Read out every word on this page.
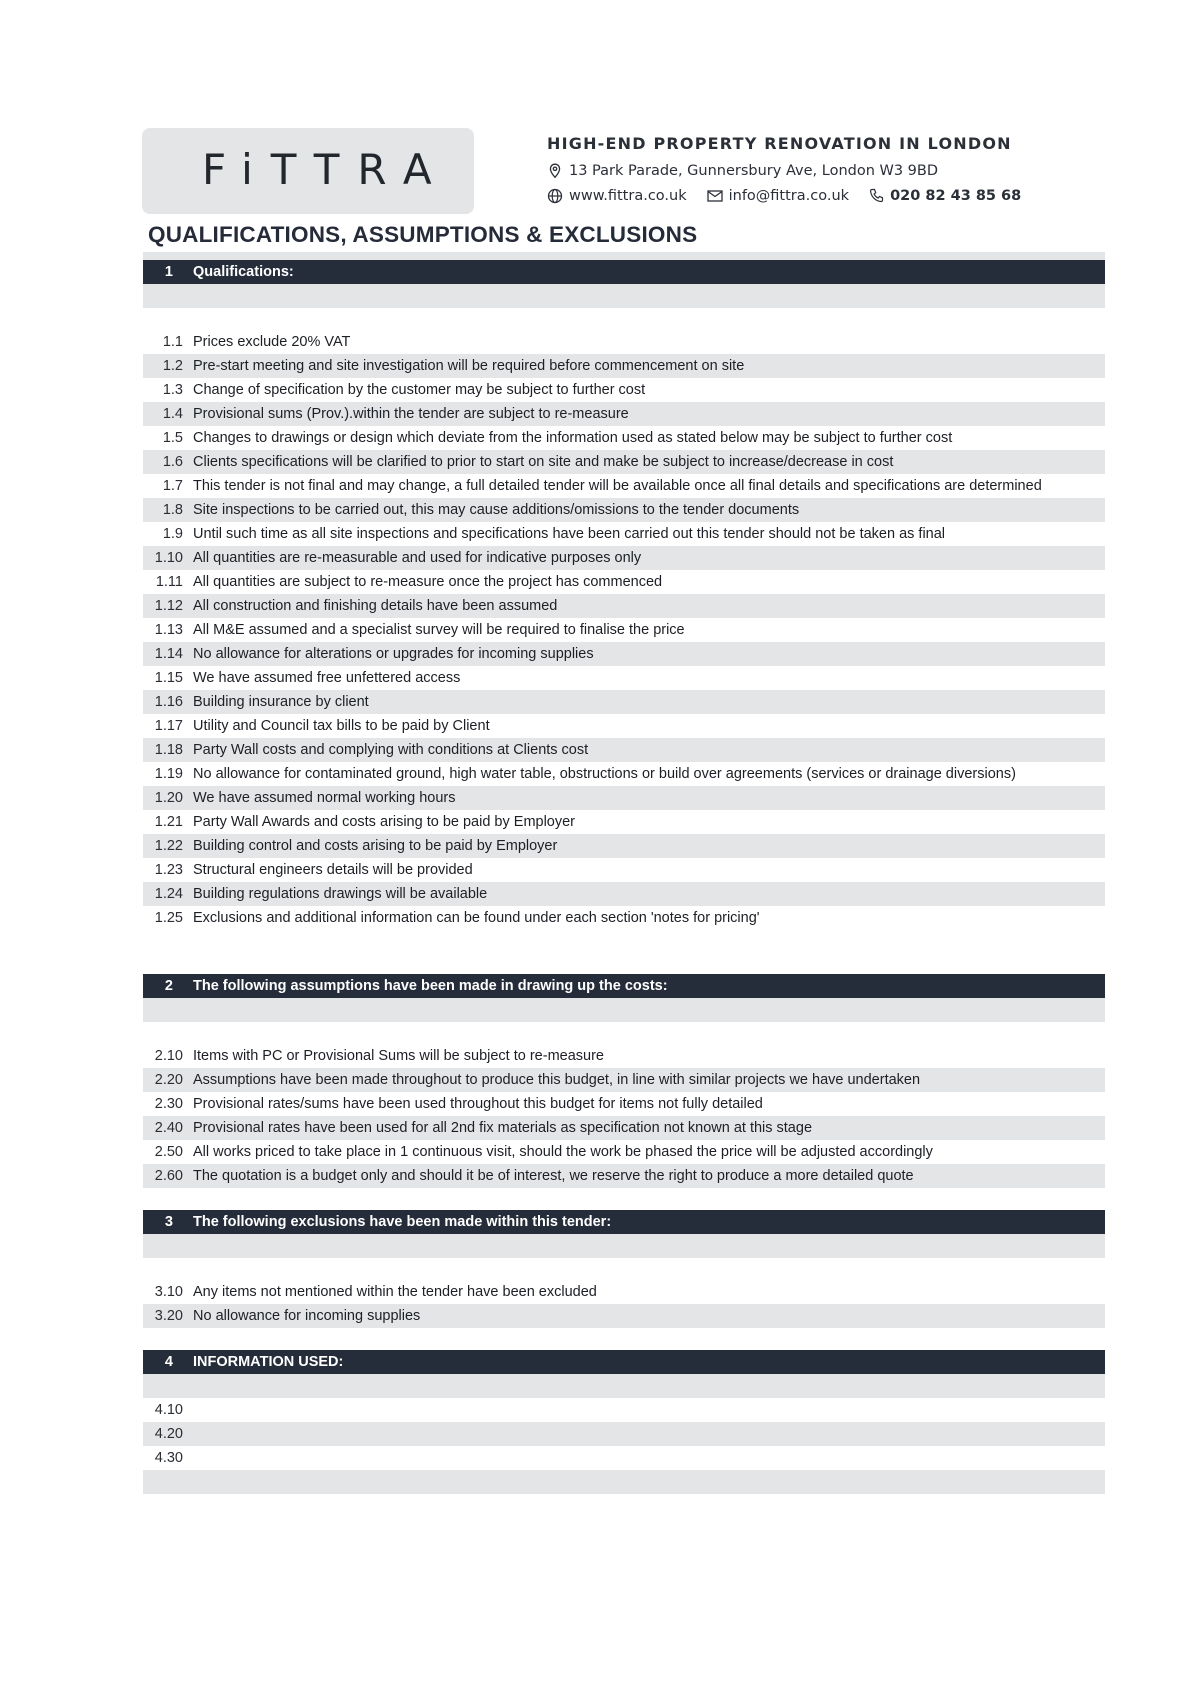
FiTTRA
HIGH-END PROPERTY RENOVATION IN LONDON
13 Park Parade, Gunnersbury Ave, London W3 9BD
www.fittra.co.uk	info@fittra.co.uk	020 82 43 85 68
QUALIFICATIONS, ASSUMPTIONS & EXCLUSIONS
1 Qualifications:
1.1 Prices exclude 20% VAT
1.2 Pre-start meeting and site investigation will be required before commencement on site
1.3 Change of specification by the customer may be subject to further cost
1.4 Provisional sums (Prov.).within the tender are subject to re-measure
1.5 Changes to drawings or design which deviate from the information used as stated below may be subject to further cost
1.6 Clients specifications will be clarified to prior to start on site and make be subject to increase/decrease in cost
1.7 This tender is not final and may change, a full detailed tender will be available once all final details and specifications are determined
1.8 Site inspections to be carried out, this may cause additions/omissions to the tender documents
1.9 Until such time as all site inspections and specifications have been carried out this tender should not be taken as final
1.10 All quantities are re-measurable and used for indicative purposes only
1.11 All quantities are subject to re-measure once the project has commenced
1.12 All construction and finishing details have been assumed
1.13 All M&E assumed and a specialist survey will be required to finalise the price
1.14 No allowance for alterations or upgrades for incoming supplies
1.15 We have assumed free unfettered access
1.16 Building insurance by client
1.17 Utility and Council tax bills to be paid by Client
1.18 Party Wall costs and complying with conditions at Clients cost
1.19 No allowance for contaminated ground, high water table, obstructions or build over agreements (services or drainage diversions)
1.20 We have assumed normal working hours
1.21 Party Wall Awards and costs arising to be paid by Employer
1.22 Building control and costs arising to be paid by Employer
1.23 Structural engineers details will be provided
1.24 Building regulations drawings will be available
1.25 Exclusions and additional information can be found under each section 'notes for pricing'
2 The following assumptions have been made in drawing up the costs:
2.10 Items with PC or Provisional Sums will be subject to re-measure
2.20 Assumptions have been made throughout to produce this budget, in line with similar projects we have undertaken
2.30 Provisional rates/sums have been used throughout this budget for items not fully detailed
2.40 Provisional rates have been used for all 2nd fix materials as specification not known at this stage
2.50 All works priced to take place in 1 continuous visit, should the work be phased the price will be adjusted accordingly
2.60 The quotation is a budget only and should it be of interest, we reserve the right to produce a more detailed quote
3 The following exclusions have been made within this tender:
3.10 Any items not mentioned within the tender have been excluded
3.20 No allowance for incoming supplies
4 INFORMATION USED:
4.10
4.20
4.30
